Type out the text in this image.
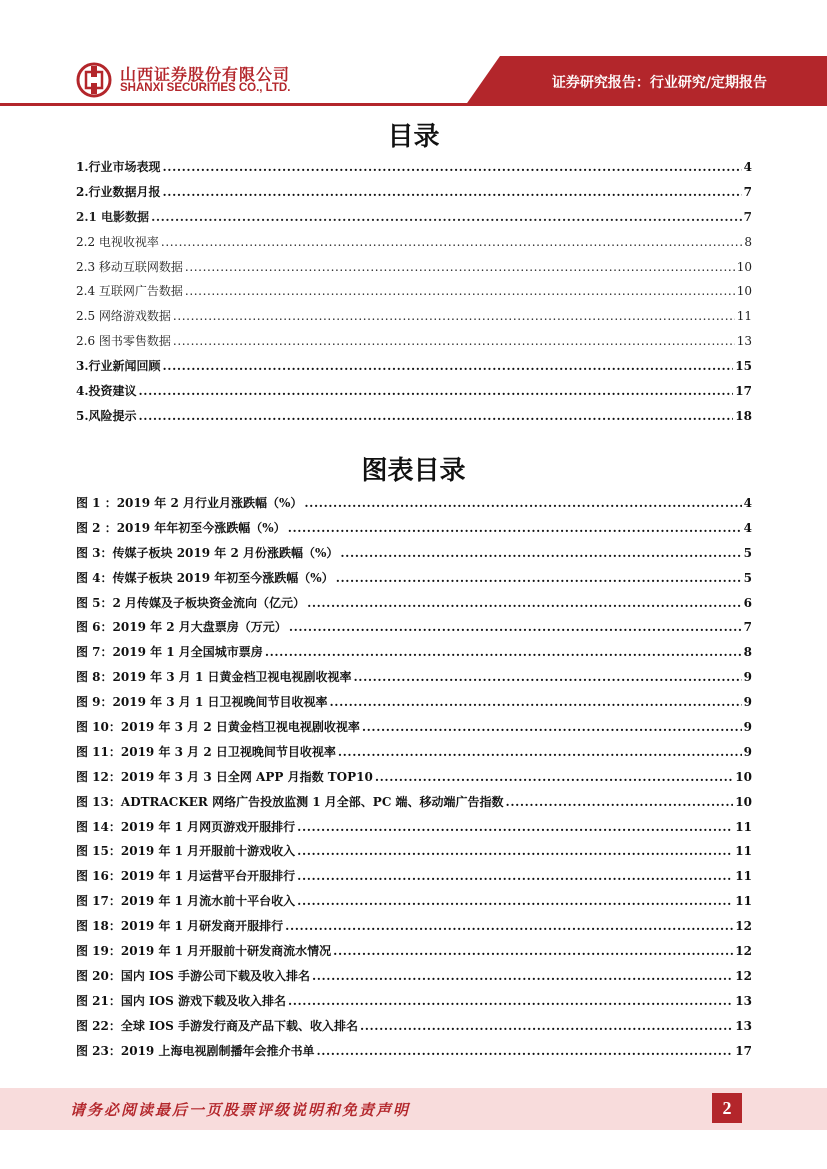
山西证券股份有限公司
SHANXI SECURITIES CO., LTD.	证券研究报告：行业研究/定期报告
目录
1.行业市场表现 .....	4
2.行业数据月报 .....	7
2.1 电影数据 .....	7
2.2 电视收视率 .....	8
2.3 移动互联网数据 .....	10
2.4 互联网广告数据 .....	10
2.5 网络游戏数据 .....	11
2.6 图书零售数据 .....	13
3.行业新闻回顾 .....	15
4.投资建议 .....	17
5.风险提示 .....	18
图表目录
图 1 ：2019 年 2 月行业月涨跌幅（%） .....	4
图 2 ：2019 年年初至今涨跌幅（%） .....	4
图 3：传媒子板块 2019 年 2 月份涨跌幅（%） .....	5
图 4：传媒子板块 2019 年初至今涨跌幅（%） .....	5
图 5：2 月传媒及子板块资金流向（亿元） .....	6
图 6：2019 年 2 月大盘票房（万元） .....	7
图 7：2019 年 1 月全国城市票房 .....	8
图 8：2019 年 3 月 1 日黄金档卫视电视剧收视率 .....	9
图 9：2019 年 3 月 1 日卫视晚间节目收视率 .....	9
图 10：2019 年 3 月 2 日黄金档卫视电视剧收视率 .....	9
图 11：2019 年 3 月 2 日卫视晚间节目收视率 .....	9
图 12：2019 年 3 月 3 日全网 APP 月指数 TOP10 .....	10
图 13：ADTRACKER 网络广告投放监测 1 月全部、PC 端、移动端广告指数 .....	10
图 14：2019 年 1 月网页游戏开服排行 .....	11
图 15：2019 年 1 月开服前十游戏收入 .....	11
图 16：2019 年 1 月运营平台开服排行 .....	11
图 17：2019 年 1 月流水前十平台收入 .....	11
图 18：2019 年 1 月研发商开服排行 .....	12
图 19：2019 年 1 月开服前十研发商流水情况 .....	12
图 20：国内 IOS 手游公司下载及收入排名 .....	12
图 21：国内 IOS 游戏下载及收入排名 .....	13
图 22：全球 IOS 手游发行商及产品下载、收入排名 .....	13
图 23：2019 上海电视剧制播年会推介书单 .....	17
请务必阅读最后一页股票评级说明和免责声明	2
